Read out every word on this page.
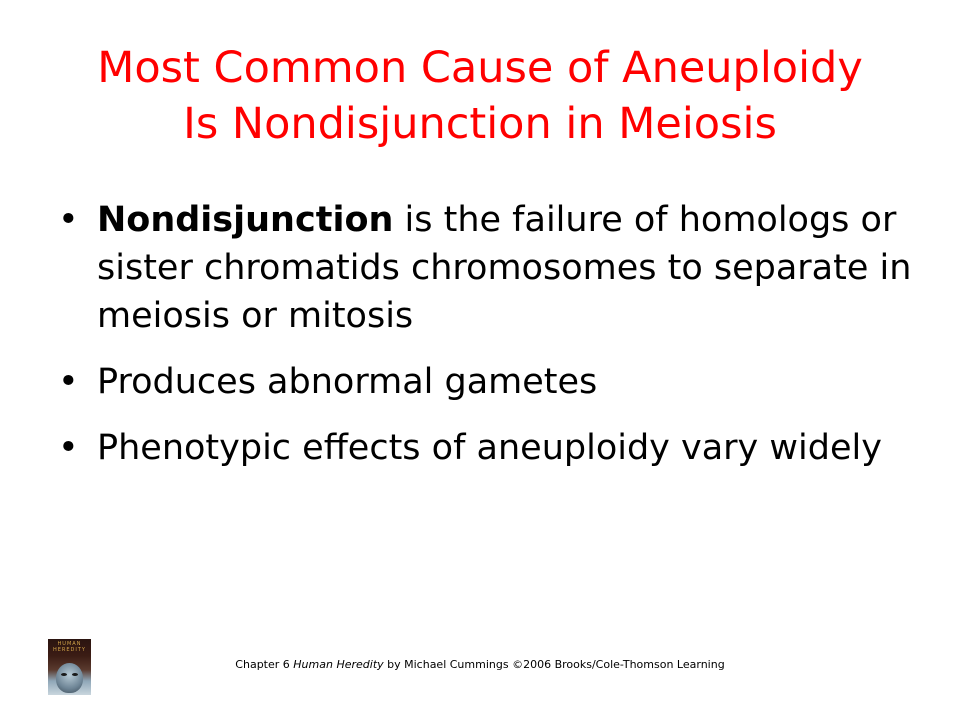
Most Common Cause of Aneuploidy
Is Nondisjunction in Meiosis
• Nondisjunction is the failure of homologs or sister chromatids chromosomes to separate in meiosis or mitosis
• Produces abnormal gametes
• Phenotypic effects of aneuploidy vary widely
HUMAN HEREDITY
Chapter 6 Human Heredity by Michael Cummings ©2006 Brooks/Cole-Thomson Learning
